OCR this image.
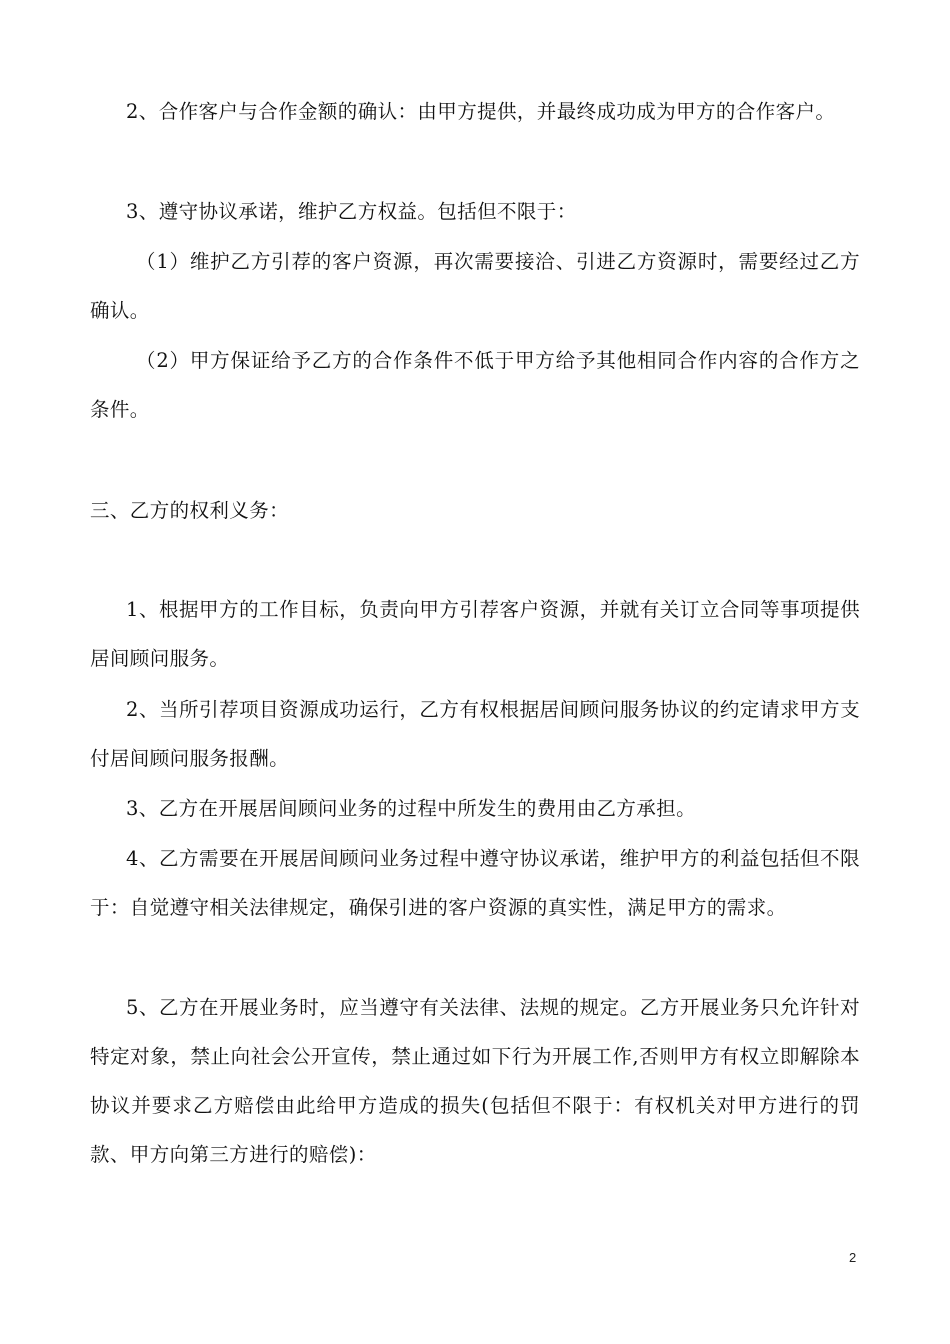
2、合作客户与合作金额的确认：由甲方提供，并最终成功成为甲方的合作客户。

3、遵守协议承诺，维护乙方权益。包括但不限于：

（1）维护乙方引荐的客户资源，再次需要接洽、引进乙方资源时，需要经过乙方确认。

（2）甲方保证给予乙方的合作条件不低于甲方给予其他相同合作内容的合作方之条件。

三、乙方的权利义务：

1、根据甲方的工作目标，负责向甲方引荐客户资源，并就有关订立合同等事项提供居间顾问服务。

2、当所引荐项目资源成功运行，乙方有权根据居间顾问服务协议的约定请求甲方支付居间顾问服务报酬。

3、乙方在开展居间顾问业务的过程中所发生的费用由乙方承担。

4、乙方需要在开展居间顾问业务过程中遵守协议承诺，维护甲方的利益包括但不限于：自觉遵守相关法律规定，确保引进的客户资源的真实性，满足甲方的需求。

5、乙方在开展业务时，应当遵守有关法律、法规的规定。乙方开展业务只允许针对特定对象，禁止向社会公开宣传，禁止通过如下行为开展工作,否则甲方有权立即解除本协议并要求乙方赔偿由此给甲方造成的损失(包括但不限于：有权机关对甲方进行的罚款、甲方向第三方进行的赔偿)：

2
